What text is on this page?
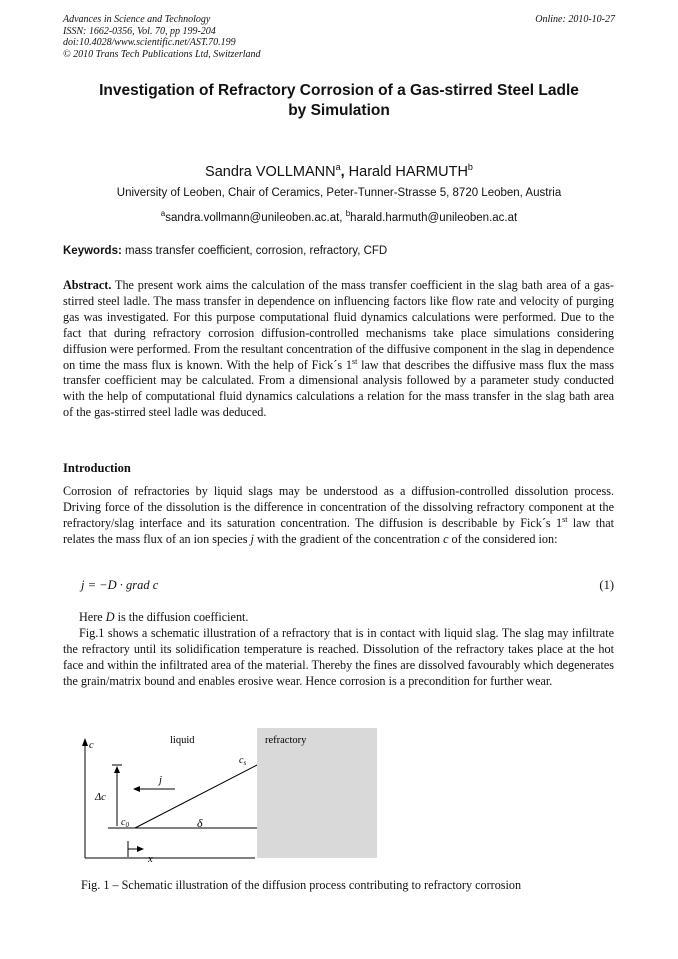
Advances in Science and Technology
ISSN: 1662-0356, Vol. 70, pp 199-204
doi:10.4028/www.scientific.net/AST.70.199
© 2010 Trans Tech Publications Ltd, Switzerland
Online: 2010-10-27
Investigation of Refractory Corrosion of a Gas-stirred Steel Ladle
by Simulation
Sandra VOLLMANN$^a$, Harald HARMUTH$^b$
University of Leoben, Chair of Ceramics, Peter-Tunner-Strasse 5, 8720 Leoben, Austria
$^a$sandra.vollmann@unileoben.ac.at, $^b$harald.harmuth@unileoben.ac.at
Keywords: mass transfer coefficient, corrosion, refractory, CFD
Abstract. The present work aims the calculation of the mass transfer coefficient in the slag bath area of a gas-stirred steel ladle. The mass transfer in dependence on influencing factors like flow rate and velocity of purging gas was investigated. For this purpose computational fluid dynamics calculations were performed. Due to the fact that during refractory corrosion diffusion-controlled mechanisms take place simulations considering diffusion were performed. From the resultant concentration of the diffusive component in the slag in dependence on time the mass flux is known. With the help of Fick´s 1st law that describes the diffusive mass flux the mass transfer coefficient may be calculated. From a dimensional analysis followed by a parameter study conducted with the help of computational fluid dynamics calculations a relation for the mass transfer in the slag bath area of the gas-stirred steel ladle was deduced.
Introduction
Corrosion of refractories by liquid slags may be understood as a diffusion-controlled dissolution process. Driving force of the dissolution is the difference in concentration of the dissolving refractory component at the refractory/slag interface and its saturation concentration. The diffusion is describable by Fick´s 1st law that relates the mass flux of an ion species j with the gradient of the concentration c of the considered ion:
j = −D · grad c	(1)
Here D is the diffusion coefficient.
Fig.1 shows a schematic illustration of a refractory that is in contact with liquid slag. The slag may infiltrate the refractory until its solidification temperature is reached. Dissolution of the refractory takes place at the hot face and within the infiltrated area of the material. Thereby the fines are dissolved favourably which degenerates the grain/matrix bound and enables erosive wear. Hence corrosion is a precondition for further wear.
c	liquid	refractory
$c_s$
j
Δc
$c_0$	δ
x
Fig. 1 – Schematic illustration of the diffusion process contributing to refractory corrosion
